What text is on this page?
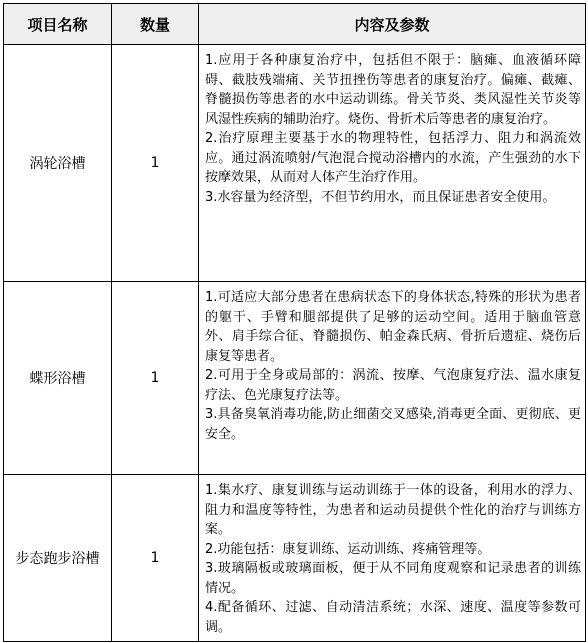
项目名称	数量	内容及参数
涡轮浴槽	1	1.应用于各种康复治疗中，包括但不限于：脑瘫、血液循环障碍、截肢残端痛、关节扭挫伤等患者的康复治疗。偏瘫、截瘫、脊髓损伤等患者的水中运动训练。骨关节炎、类风湿性关节炎等风湿性疾病的辅助治疗。烧伤、骨折术后等患者的康复治疗。

2.治疗原理主要基于水的物理特性，包括浮力、阻力和涡流效应。通过涡流喷射/气泡混合搅动浴槽内的水流，产生强劲的水下按摩效果，从而对人体产生治疗作用。

3.水容量为经济型，不但节约用水，而且保证患者安全使用。

蝶形浴槽	1	1.可适应大部分患者在患病状态下的身体状态,特殊的形状为患者的躯干、手臂和腿部提供了足够的运动空间。适用于脑血管意外、肩手综合征、脊髓损伤、帕金森氏病、骨折后遗症、烧伤后康复等患者。

2.可用于全身或局部的：涡流、按摩、气泡康复疗法、温水康复疗法、色光康复疗法等。

3.具备臭氧消毒功能,防止细菌交叉感染,消毒更全面、更彻底、更安全。

步态跑步浴槽	1	1.集水疗、康复训练与运动训练于一体的设备，利用水的浮力、阻力和温度等特性，为患者和运动员提供个性化的治疗与训练方案。

2.功能包括：康复训练、运动训练、疼痛管理等。

3.玻璃隔板或玻璃面板，便于从不同角度观察和记录患者的训练情况。

4.配备循环、过滤、自动清洁系统；水深、速度、温度等参数可调。
